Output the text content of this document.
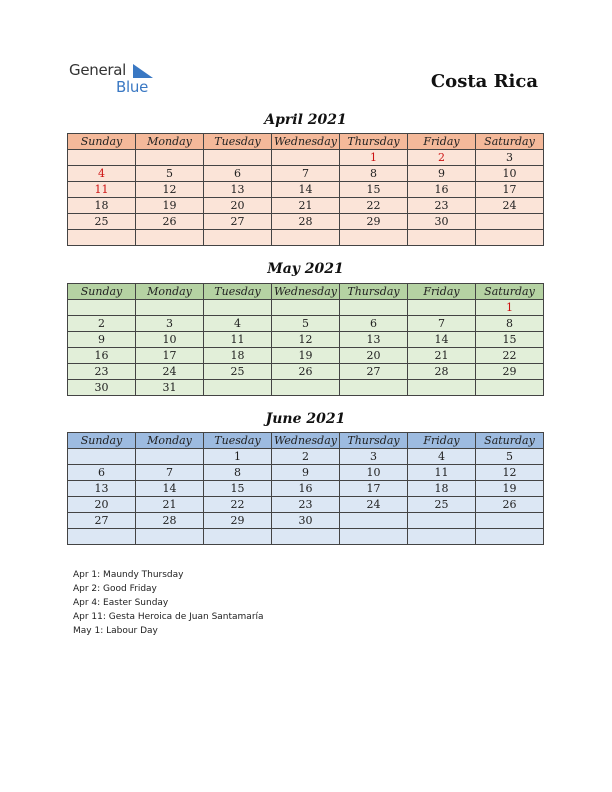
General
Blue	Costa Rica
April 2021
Sunday	Monday	Tuesday	Wednesday	Thursday	Friday	Saturday
				1	2	3
4	5	6	7	8	9	10
11	12	13	14	15	16	17
18	19	20	21	22	23	24
25	26	27	28	29	30	

May 2021
Sunday	Monday	Tuesday	Wednesday	Thursday	Friday	Saturday
						1
2	3	4	5	6	7	8
9	10	11	12	13	14	15
16	17	18	19	20	21	22
23	24	25	26	27	28	29
30	31					
June 2021
Sunday	Monday	Tuesday	Wednesday	Thursday	Friday	Saturday
		1	2	3	4	5
6	7	8	9	10	11	12
13	14	15	16	17	18	19
20	21	22	23	24	25	26
27	28	29	30			

Apr 1: Maundy Thursday
Apr 2: Good Friday
Apr 4: Easter Sunday
Apr 11: Gesta Heroica de Juan Santamaría
May 1: Labour Day
